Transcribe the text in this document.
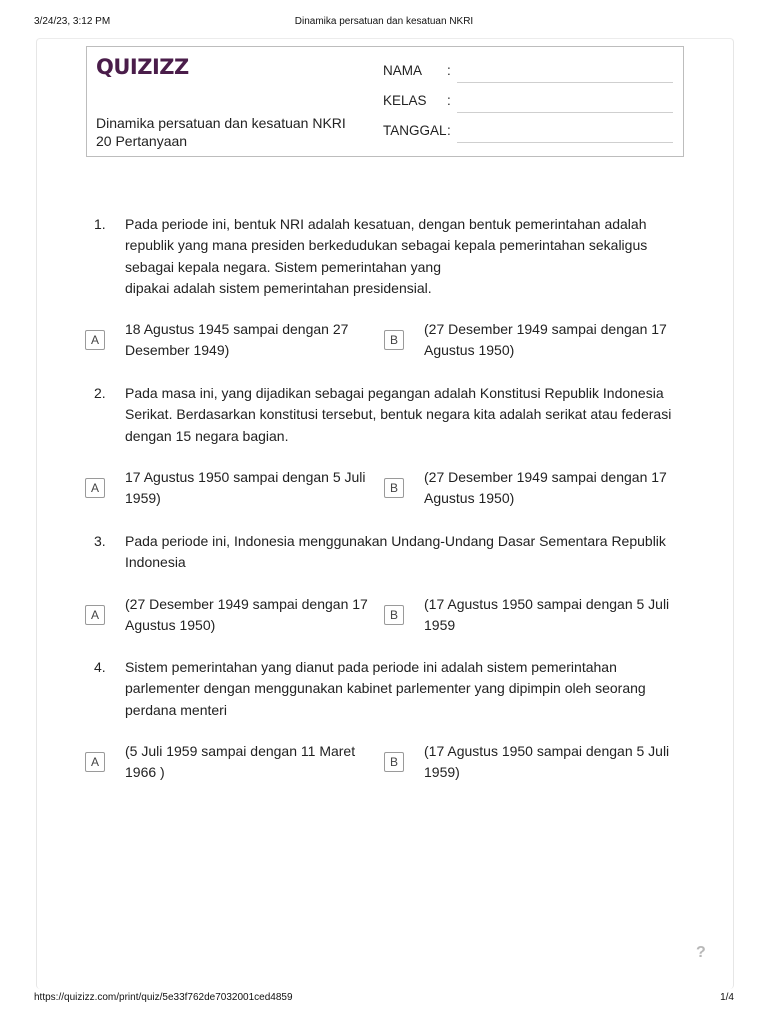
3/24/23, 3:12 PM	Dinamika persatuan dan kesatuan NKRI
QUIZIZZ
Dinamika persatuan dan kesatuan NKRI
20 Pertanyaan
NAMA :
KELAS :
TANGGAL :
1. Pada periode ini, bentuk NRI adalah kesatuan, dengan bentuk pemerintahan adalah
republik yang mana presiden berkedudukan sebagai kepala pemerintahan sekaligus
sebagai kepala negara. Sistem pemerintahan yang
dipakai adalah sistem pemerintahan presidensial.
A
18 Agustus 1945 sampai dengan 27
Desember 1949)
B
(27 Desember 1949 sampai dengan 17
Agustus 1950)
2. Pada masa ini, yang dijadikan sebagai pegangan adalah Konstitusi Republik Indonesia
Serikat. Berdasarkan konstitusi tersebut, bentuk negara kita adalah serikat atau federasi
dengan 15 negara bagian.
A
17 Agustus 1950 sampai dengan 5 Juli
1959)
B
(27 Desember 1949 sampai dengan 17
Agustus 1950)
3. Pada periode ini, Indonesia menggunakan Undang-Undang Dasar Sementara Republik
Indonesia
A
(27 Desember 1949 sampai dengan 17
Agustus 1950)
B
(17 Agustus 1950 sampai dengan 5 Juli
1959
4. Sistem pemerintahan yang dianut pada periode ini adalah sistem pemerintahan
parlementer dengan menggunakan kabinet parlementer yang dipimpin oleh seorang
perdana menteri
A
(5 Juli 1959 sampai dengan 11 Maret
1966 )
B
(17 Agustus 1950 sampai dengan 5 Juli
1959)
?
https://quizizz.com/print/quiz/5e33f762de7032001ced4859	1/4
